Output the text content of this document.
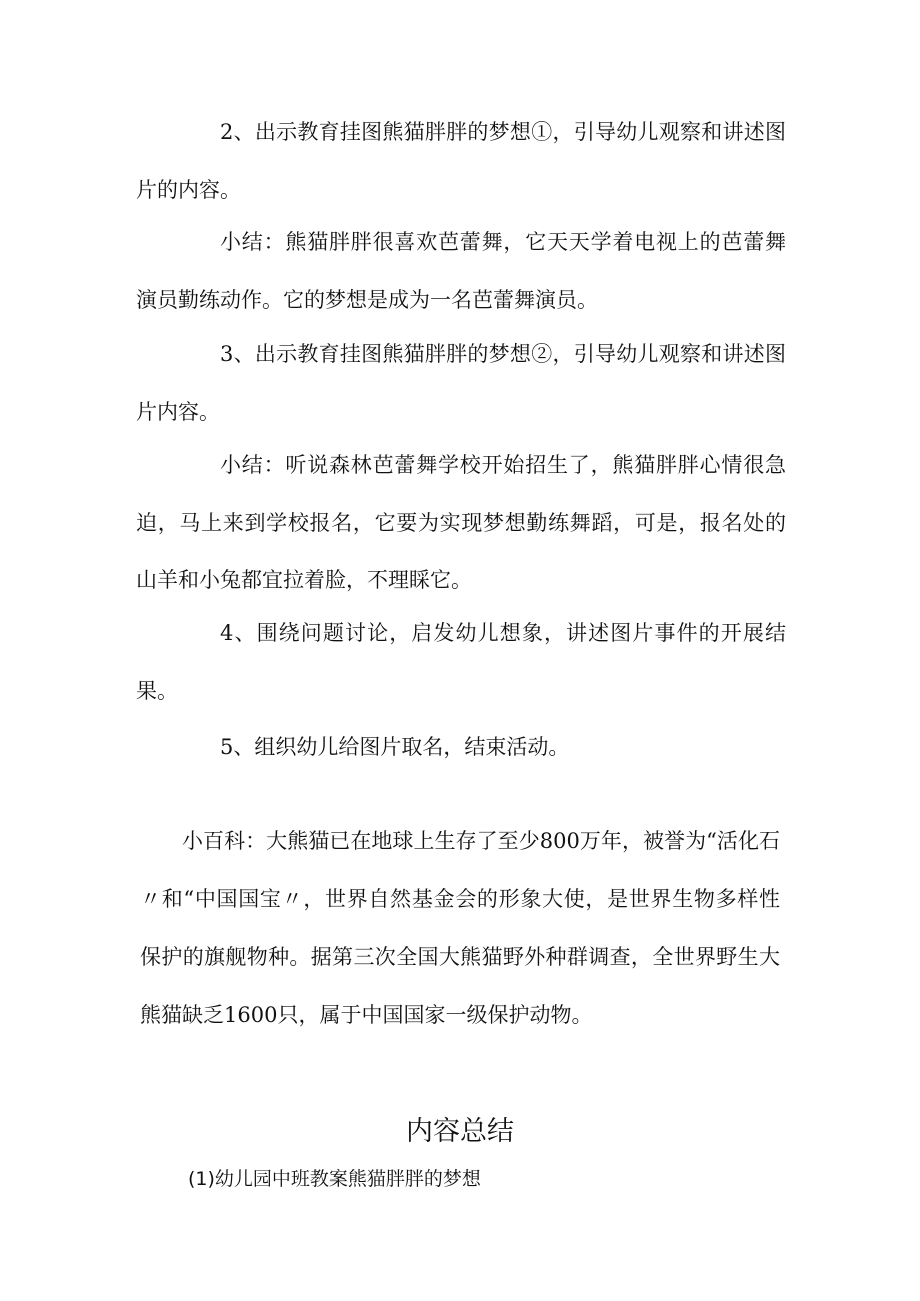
2、出示教育挂图熊猫胖胖的梦想①，引导幼儿观察和讲述图片的内容。

小结：熊猫胖胖很喜欢芭蕾舞，它天天学着电视上的芭蕾舞演员勤练动作。它的梦想是成为一名芭蕾舞演员。

3、出示教育挂图熊猫胖胖的梦想②，引导幼儿观察和讲述图片内容。

小结：听说森林芭蕾舞学校开始招生了，熊猫胖胖心情很急迫，马上来到学校报名，它要为实现梦想勤练舞蹈，可是，报名处的山羊和小兔都宜拉着脸，不理睬它。

4、围绕问题讨论，启发幼儿想象，讲述图片事件的开展结果。

5、组织幼儿给图片取名，结束活动。

小百科：大熊猫已在地球上生存了至少800万年，被誉为“活化石〃和“中国国宝〃，世界自然基金会的形象大使，是世界生物多样性保护的旗舰物种。据第三次全国大熊猫野外种群调查，全世界野生大熊猫缺乏1600只，属于中国国家一级保护动物。

内容总结

(1)幼儿园中班教案熊猫胖胖的梦想
